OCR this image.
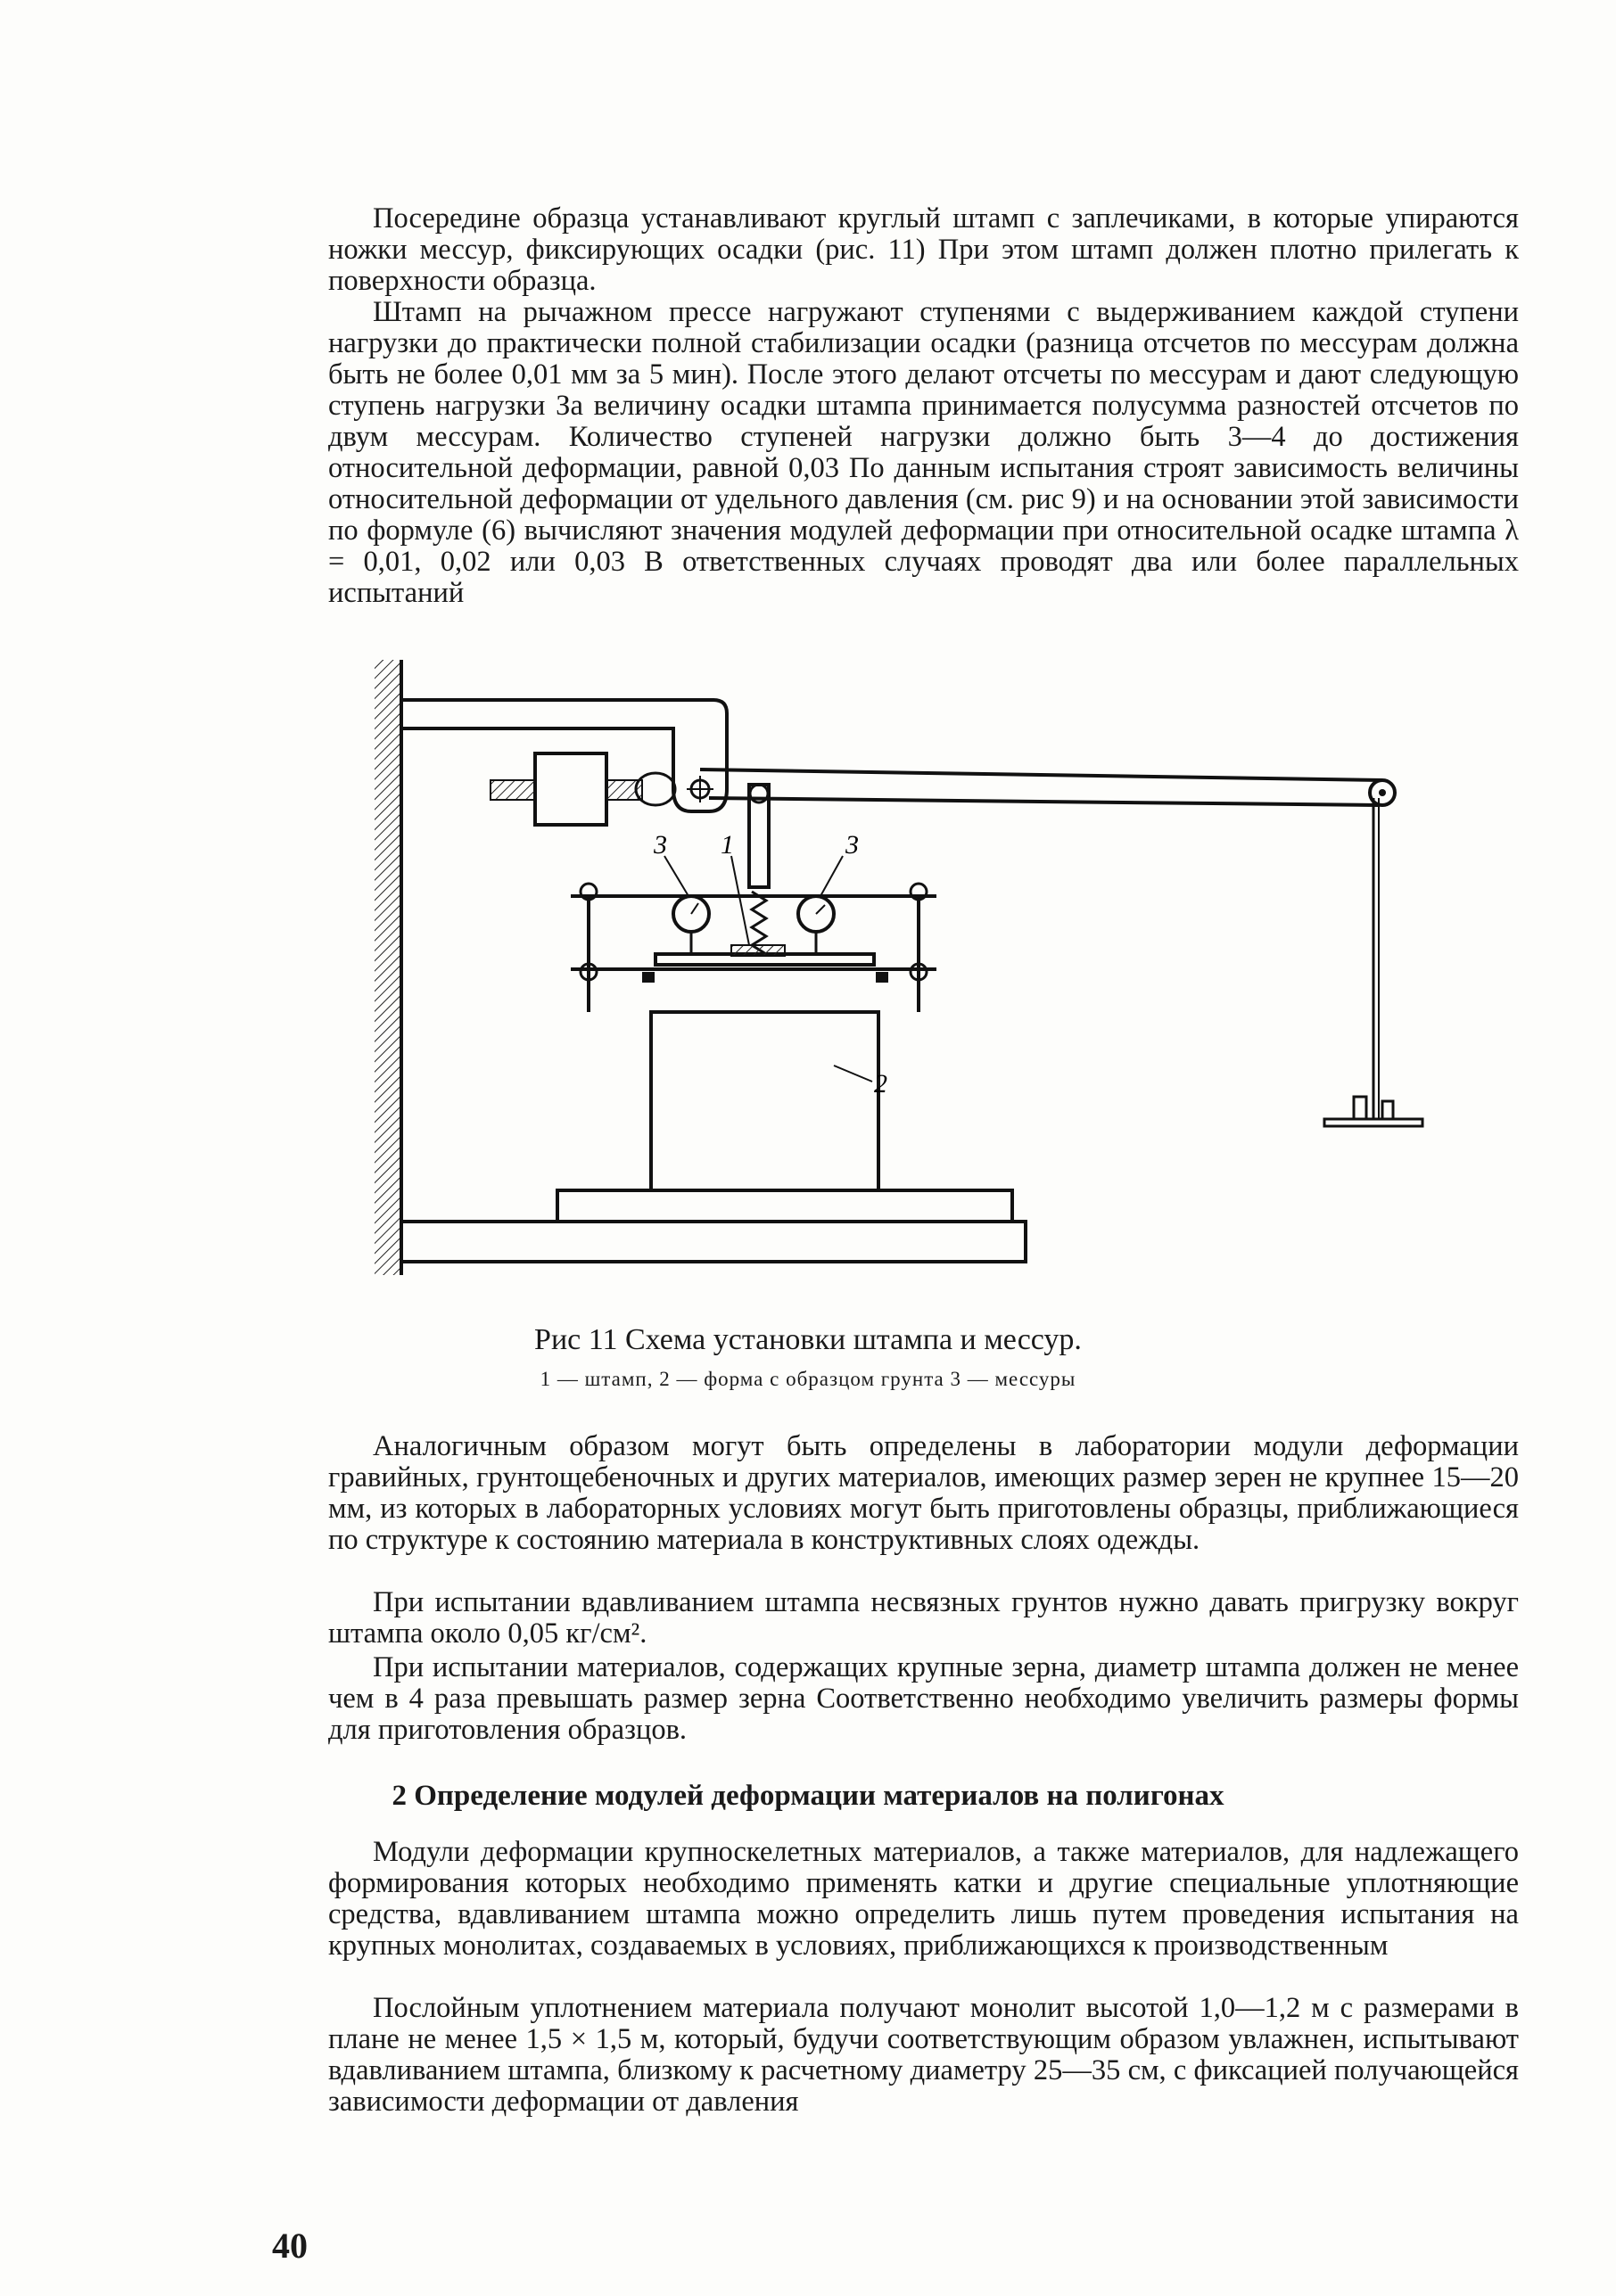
Посередине образца устанавливают круглый штамп с заплечиками, в которые упираются ножки мессур, фиксирующих осадки (рис. 11) При этом штамп должен плотно прилегать к поверхности образца.

Штамп на рычажном прессе нагружают ступенями с выдерживанием каждой ступени нагрузки до практически полной стабилизации осадки (разница отсчетов по мессурам должна быть не более 0,01 мм за 5 мин). После этого делают отсчеты по мессурам и дают следующую ступень нагрузки За величину осадки штампа принимается полусумма разностей отсчетов по двум мессурам. Количество ступеней нагрузки должно быть 3—4 до достижения относительной деформации, равной 0,03 По данным испытания строят зависимость величины относительной деформации от удельного давления (см. рис 9) и на основании этой зависимости по формуле (6) вычисляют значения модулей деформации при относительной осадке штампа λ = 0,01, 0,02 или 0,03 В ответственных случаях проводят два или более параллельных испытаний

3 1	3
2

Рис 11 Схема установки штампа и мессур.

1 — штамп, 2 — форма с образцом грунта 3 — мессуры

Аналогичным образом могут быть определены в лаборатории модули деформации гравийных, грунтощебеночных и других материалов, имеющих размер зерен не крупнее 15—20 мм, из которых в лабораторных условиях могут быть приготовлены образцы, приближающиеся по структуре к состоянию материала в конструктивных слоях одежды.

При испытании вдавливанием штампа несвязных грунтов нужно давать пригрузку вокруг штампа около 0,05 кг/см².

При испытании материалов, содержащих крупные зерна, диаметр штампа должен не менее чем в 4 раза превышать размер зерна Соответственно необходимо увеличить размеры формы для приготовления образцов.

2 Определение модулей деформации материалов на полигонах

Модули деформации крупноскелетных материалов, а также материалов, для надлежащего формирования которых необходимо применять катки и другие специальные уплотняющие средства, вдавливанием штампа можно определить лишь путем проведения испытания на крупных монолитах, создаваемых в условиях, приближающихся к производственным

Послойным уплотнением материала получают монолит высотой 1,0—1,2 м с размерами в плане не менее 1,5 × 1,5 м, который, будучи соответствующим образом увлажнен, испытывают вдавливанием штампа, близкому к расчетному диаметру 25—35 см, с фиксацией получающейся зависимости деформации от давления

40
